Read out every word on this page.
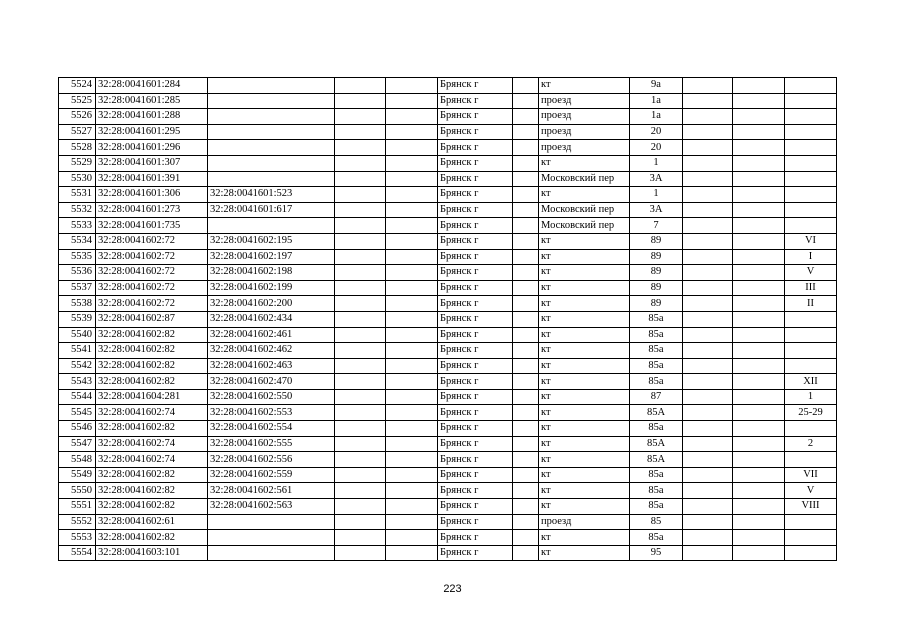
5524	32:28:0041601:284				Брянск г		кт	9а			
5525	32:28:0041601:285				Брянск г		проезд	1а			
5526	32:28:0041601:288				Брянск г		проезд	1а			
5527	32:28:0041601:295				Брянск г		проезд	20			
5528	32:28:0041601:296				Брянск г		проезд	20			
5529	32:28:0041601:307				Брянск г		кт	1			
5530	32:28:0041601:391				Брянск г		Московский пер	3А			
5531	32:28:0041601:306	32:28:0041601:523			Брянск г		кт	1			
5532	32:28:0041601:273	32:28:0041601:617			Брянск г		Московский пер	3А			
5533	32:28:0041601:735				Брянск г		Московский пер	7			
5534	32:28:0041602:72	32:28:0041602:195			Брянск г		кт	89			VI
5535	32:28:0041602:72	32:28:0041602:197			Брянск г		кт	89			I
5536	32:28:0041602:72	32:28:0041602:198			Брянск г		кт	89			V
5537	32:28:0041602:72	32:28:0041602:199			Брянск г		кт	89			III
5538	32:28:0041602:72	32:28:0041602:200			Брянск г		кт	89			II
5539	32:28:0041602:87	32:28:0041602:434			Брянск г		кт	85а			
5540	32:28:0041602:82	32:28:0041602:461			Брянск г		кт	85а			
5541	32:28:0041602:82	32:28:0041602:462			Брянск г		кт	85а			
5542	32:28:0041602:82	32:28:0041602:463			Брянск г		кт	85а			
5543	32:28:0041602:82	32:28:0041602:470			Брянск г		кт	85а			XII
5544	32:28:0041604:281	32:28:0041602:550			Брянск г		кт	87			1
5545	32:28:0041602:74	32:28:0041602:553			Брянск г		кт	85А			25-29
5546	32:28:0041602:82	32:28:0041602:554			Брянск г		кт	85а			
5547	32:28:0041602:74	32:28:0041602:555			Брянск г		кт	85А			2
5548	32:28:0041602:74	32:28:0041602:556			Брянск г		кт	85А			
5549	32:28:0041602:82	32:28:0041602:559			Брянск г		кт	85а			VII
5550	32:28:0041602:82	32:28:0041602:561			Брянск г		кт	85а			V
5551	32:28:0041602:82	32:28:0041602:563			Брянск г		кт	85а			VIII
5552	32:28:0041602:61				Брянск г		проезд	85			
5553	32:28:0041602:82				Брянск г		кт	85а			
5554	32:28:0041603:101				Брянск г		кт	95			
223
